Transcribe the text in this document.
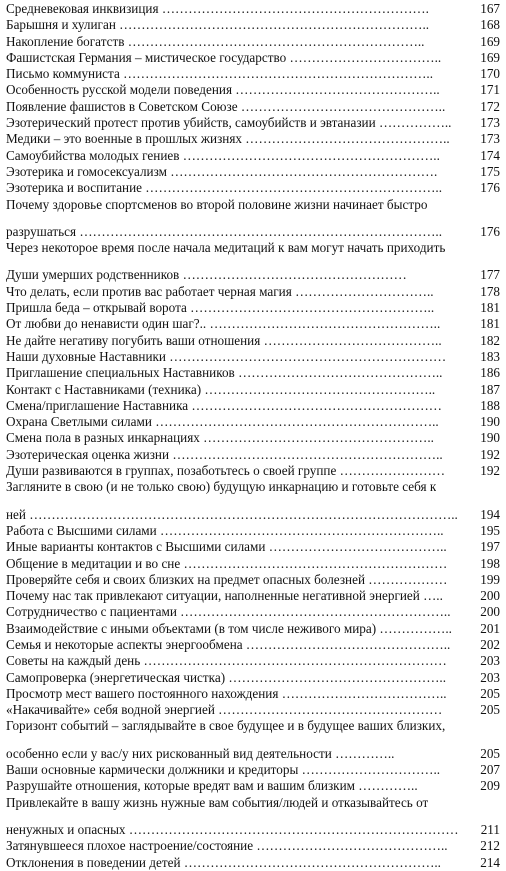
Средневековая инквизиция …………………………………………………….	167
Барышня и хулиган ……………………………………………………………..	168
Накопление богатств …………………………………………………………..	169
Фашистская Германия – мистическое государство ……………………………..	169
Письмо коммуниста ……………………………………………………………..	170
Особенность русской модели поведения ………………………………………..	171
Появление фашистов в Советском Союзе ………………………………………..	172
Эзотерический протест против убийств, самоубийств и эвтаназии ……………..	173
Медики – это военные в прошлых жизнях ………………………………………..	173
Самоубийства молодых гениев …………………………………………………..	174
Эзотерика и гомосексуализм …………………………………………………….	175
Эзотерика и воспитание …………………………………………………………..	176
Почему здоровье спортсменов во второй половине жизни начинает быстро
разрушаться ………………………………………………………………………..	176
Через некоторое время после начала медитаций к вам могут начать приходить
Души умерших родственников ……………………………………………	177
Что делать, если против вас работает черная магия …………………………..	178
Пришла беда – открывай ворота ………………………………………………..	181
От любви до ненависти один шаг?.. ……………………………………………..	181
Не дайте негативу погубить ваши отношения …………………………………..	182
Наши духовные Наставники ………………………………………………………	183
Приглашение специальных Наставников ………………………………………..	186
Контакт с Наставниками (техника) ……………………………………………..	187
Смена/приглашение Наставника …………………………………………………	188
Охрана Светлыми силами ………………………………………………………..	190
Смена пола в разных инкарнациях ……………………………………………..	190
Эзотерическая оценка жизни ……………………………………………………..	192
Души развиваются в группах, позаботьтесь о своей группе ……………………	192
Загляните в свою (и не только свою) будущую инкарнацию и готовьте себя к
ней ……………………………………………………………………………………..	194
Работа с Высшими силами ………………………………………………………..	195
Иные варианты контактов с Высшими силами …………………………………..	197
Общение в медитации и во сне ……………………………………………………	198
Проверяйте себя и своих близких на предмет опасных болезней ………………	199
Почему нас так привлекают ситуации, наполненные негативной энергией …..	200
Сотрудничество с пациентами ……………………………………………………..	200
Взаимодействие с иными объектами (в том числе неживого мира) ……………..	201
Семья и некоторые аспекты энергообмена ………………………………………..	202
Советы на каждый день ……………………………………………………………	203
Самопроверка (энергетическая чистка) …………………………………………..	203
Просмотр мест вашего постоянного нахождения ………………………………..	205
«Накачивайте» себя водной энергией ……………………………………………	205
Горизонт событий – заглядывайте в свое будущее и в будущее ваших близких,
особенно если у вас/у них рискованный вид деятельности …………..	205
Ваши основные кармически должники и кредиторы …………………………..	207
Разрушайте отношения, которые вредят вам и вашим близким …………..	209
Привлекайте в вашу жизнь нужные вам события/людей и отказывайтесь от
ненужных и опасных …………………………………………………………………	211
Затянувшееся плохое настроение/состояние ……………………………………..	212
Отклонения в поведении детей …………………………………………………..	214
